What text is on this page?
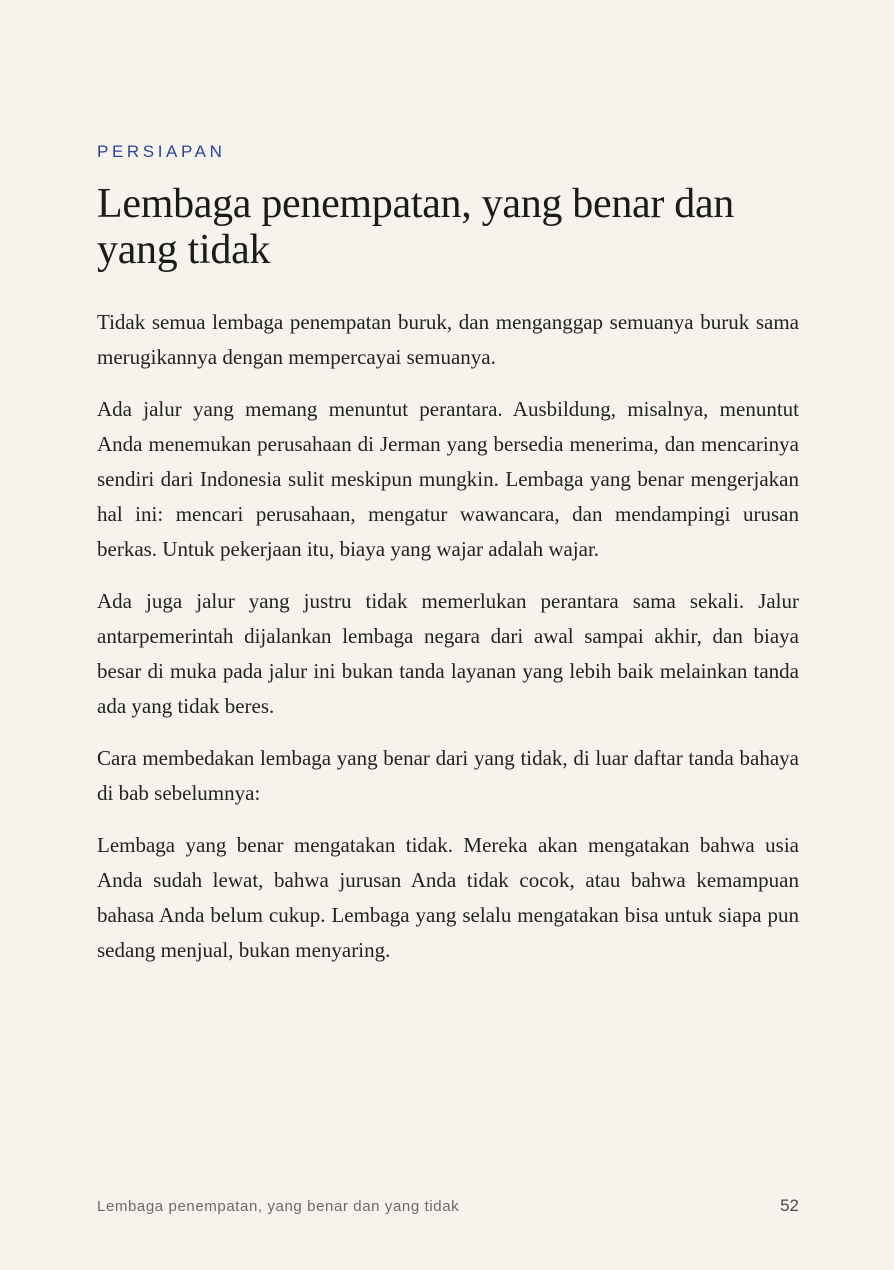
PERSIAPAN
Lembaga penempatan, yang benar dan yang tidak

Tidak semua lembaga penempatan buruk, dan menganggap semuanya buruk sama merugikannya dengan mempercayai semuanya.

Ada jalur yang memang menuntut perantara. Ausbildung, misalnya, menuntut Anda menemukan perusahaan di Jerman yang bersedia menerima, dan mencarinya sendiri dari Indonesia sulit meskipun mungkin. Lembaga yang benar mengerjakan hal ini: mencari perusahaan, mengatur wawancara, dan mendampingi urusan berkas. Untuk pekerjaan itu, biaya yang wajar adalah wajar.

Ada juga jalur yang justru tidak memerlukan perantara sama sekali. Jalur antarpemerintah dijalankan lembaga negara dari awal sampai akhir, dan biaya besar di muka pada jalur ini bukan tanda layanan yang lebih baik melainkan tanda ada yang tidak beres.

Cara membedakan lembaga yang benar dari yang tidak, di luar daftar tanda bahaya di bab sebelumnya:

Lembaga yang benar mengatakan tidak. Mereka akan mengatakan bahwa usia Anda sudah lewat, bahwa jurusan Anda tidak cocok, atau bahwa kemampuan bahasa Anda belum cukup. Lembaga yang selalu mengatakan bisa untuk siapa pun sedang menjual, bukan menyaring.

Lembaga penempatan, yang benar dan yang tidak	52
